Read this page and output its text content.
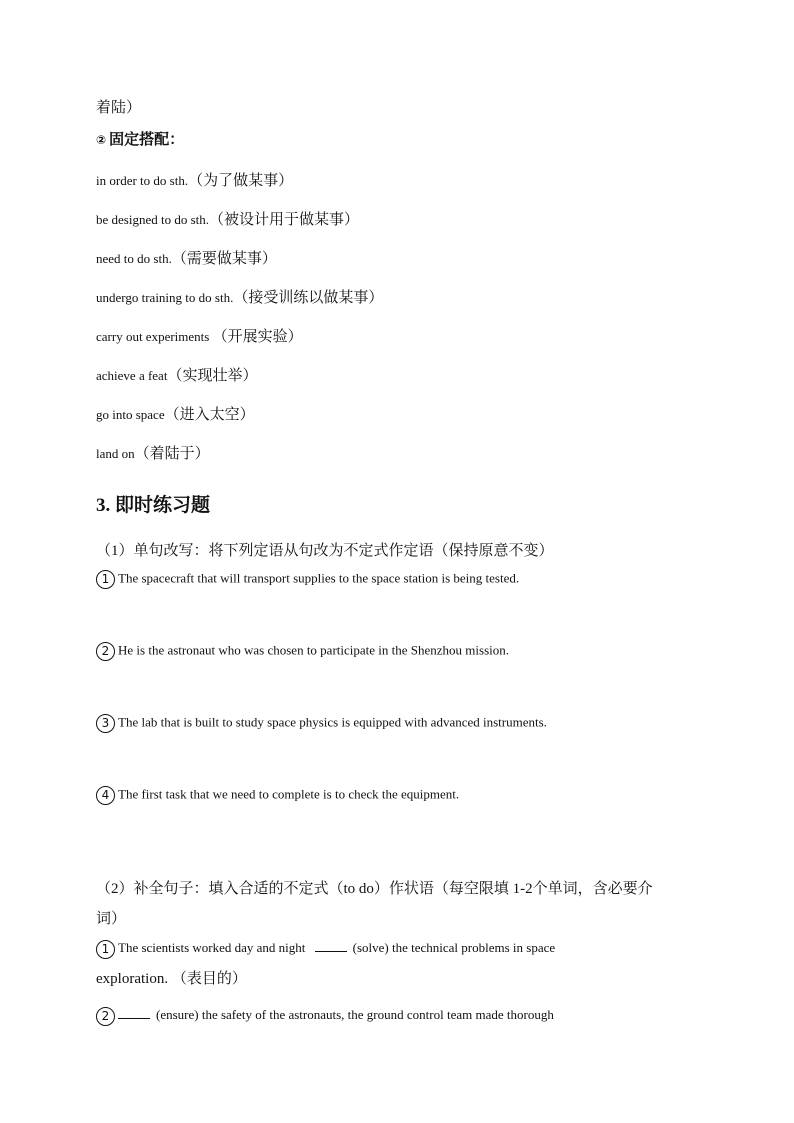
着陆）
② 固定搭配：
in order to do sth.（为了做某事）
be designed to do sth.（被设计用于做某事）
need to do sth.（需要做某事）
undergo training to do sth.（接受训练以做某事）
carry out experiments （开展实验）
achieve a feat（实现壮举）
go into space（进入太空）
land on（着陆于）
3. 即时练习题
（1）单句改写：将下列定语从句改为不定式作定语（保持原意不变）
1 The spacecraft that will transport supplies to the space station is being tested.
2 He is the astronaut who was chosen to participate in the Shenzhou mission.
3 The lab that is built to study space physics is equipped with advanced instruments.
4 The first task that we need to complete is to check the equipment.
（2）补全句子：填入合适的不定式（to do）作状语（每空限填 1-2个单词，含必要介
词）
1 The scientists worked day and night	(solve) the technical problems in space
exploration. （表目的）
2	(ensure) the safety of the astronauts, the ground control team made thorough
